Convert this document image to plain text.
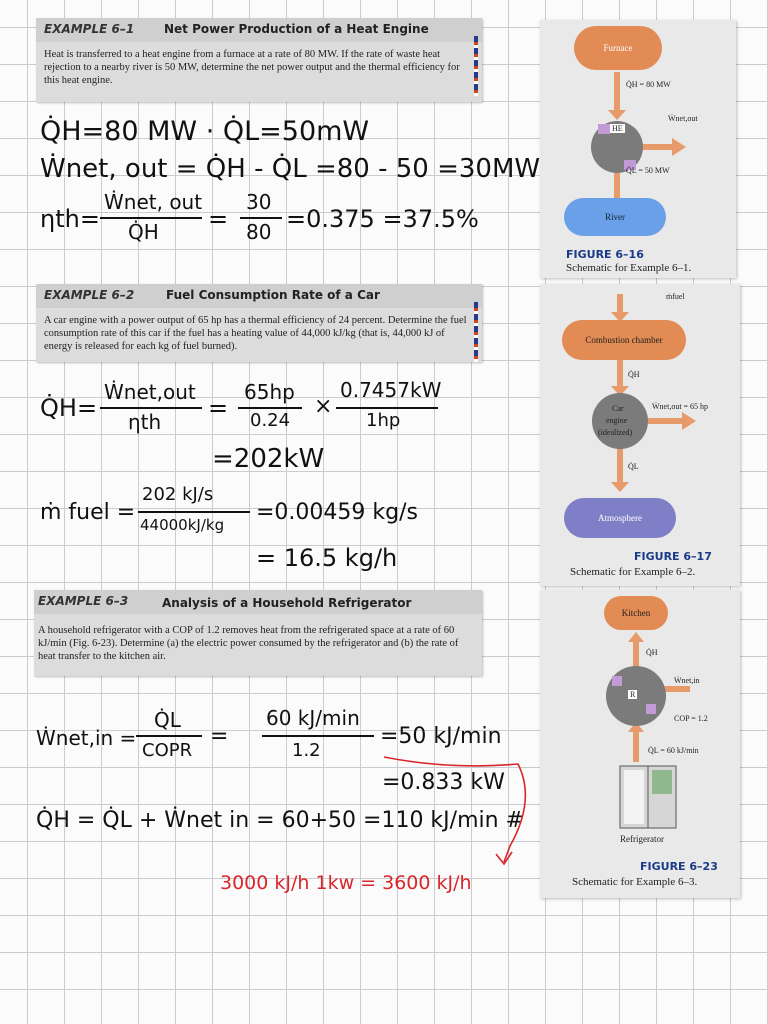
EXAMPLE 6–1 Net Power Production of a Heat Engine
Heat is transferred to a heat engine from a furnace at a rate of 80 MW. If the rate of waste heat rejection to a nearby river is 50 MW, determine the net power output and the thermal efficiency for this heat engine.
Q̇H=80 MW · Q̇L=50mW
Ẇnet, out = Q̇H - Q̇L =80 - 50 =30MW
ηth=
Ẇnet, out
Q̇H =
30
80 =0.375 =37.5%
Furnace
Q̇H = 80 MW
Ẇnet,out
HE
Q̇L = 50 MW
River
FIGURE 6–16
Schematic for Example 6–1.
EXAMPLE 6–2	Fuel Consumption Rate of a Car
A car engine with a power output of 65 hp has a thermal efficiency of 24 percent. Determine the fuel consumption rate of this car if the fuel has a heating value of 44,000 kJ/kg (that is, 44,000 kJ of energy is released for each kg of fuel burned).
Q̇H=
Ẇnet,out
ηth =
65hp
0.24
×
0.7457kW
1hp
=202kW
ṁ fuel =
202 kJ/s
44000kJ/kg =0.00459 kg/s
= 16.5 kg/h
ṁfuel
Combustion chamber
Q̇H
Car
engine
(idealized)
Ẇnet,out = 65 hp
Q̇L
Atmosphere
FIGURE 6–17
Schematic for Example 6–2.
EXAMPLE 6–3	Analysis of a Household Refrigerator
A household refrigerator with a COP of 1.2 removes heat from the refrigerated space at a rate of 60 kJ/min (Fig. 6-23). Determine (a) the electric power consumed by the refrigerator and (b) the rate of heat transfer to the kitchen air.
Ẇnet,in =
Q̇L
COPR
=
60 kJ/min
1.2
=50 kJ/min
=0.833 kW
Q̇H = Q̇L + Ẇnet in = 60+50 =110 kJ/min #
3000 kJ/h 1kw = 3600 kJ/h
Kitchen
Q̇H
Ẇnet,in
R
COP = 1.2
Q̇L = 60 kJ/min
Refrigerator
FIGURE 6–23
Schematic for Example 6–3.
